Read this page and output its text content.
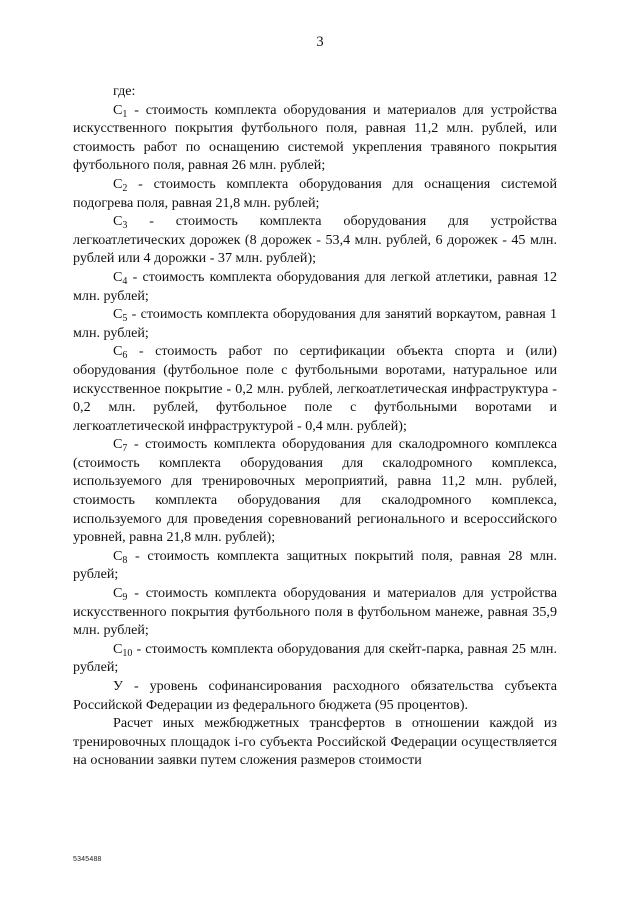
3

где:

$C_1$ - стоимость комплекта оборудования и материалов для устройства искусственного покрытия футбольного поля, равная 11,2 млн. рублей, или стоимость работ по оснащению системой укрепления травяного покрытия футбольного поля, равная 26 млн. рублей;

$C_2$ - стоимость комплекта оборудования для оснащения системой подогрева поля, равная 21,8 млн. рублей;

$C_3$ - стоимость комплекта оборудования для устройства легкоатлетических дорожек (8 дорожек - 53,4 млн. рублей, 6 дорожек - 45 млн. рублей или 4 дорожки - 37 млн. рублей);

$C_4$ - стоимость комплекта оборудования для легкой атлетики, равная 12 млн. рублей;

$C_5$ - стоимость комплекта оборудования для занятий воркаутом, равная 1 млн. рублей;

$C_6$ - стоимость работ по сертификации объекта спорта и (или) оборудования (футбольное поле с футбольными воротами, натуральное или искусственное покрытие - 0,2 млн. рублей, легкоатлетическая инфраструктура - 0,2 млн. рублей, футбольное поле с футбольными воротами и легкоатлетической инфраструктурой - 0,4 млн. рублей);

$C_7$ - стоимость комплекта оборудования для скалодромного комплекса (стоимость комплекта оборудования для скалодромного комплекса, используемого для тренировочных мероприятий, равна 11,2 млн. рублей, стоимость комплекта оборудования для скалодромного комплекса, используемого для проведения соревнований регионального и всероссийского уровней, равна 21,8 млн. рублей);

$C_8$ - стоимость комплекта защитных покрытий поля, равная 28 млн. рублей;

$C_9$ - стоимость комплекта оборудования и материалов для устройства искусственного покрытия футбольного поля в футбольном манеже, равная 35,9 млн. рублей;

$C_{10}$ - стоимость комплекта оборудования для скейт-парка, равная 25 млн. рублей;

У - уровень софинансирования расходного обязательства субъекта Российской Федерации из федерального бюджета (95 процентов).

Расчет иных межбюджетных трансфертов в отношении каждой из тренировочных площадок i-го субъекта Российской Федерации осуществляется на основании заявки путем сложения размеров стоимости

5345488
